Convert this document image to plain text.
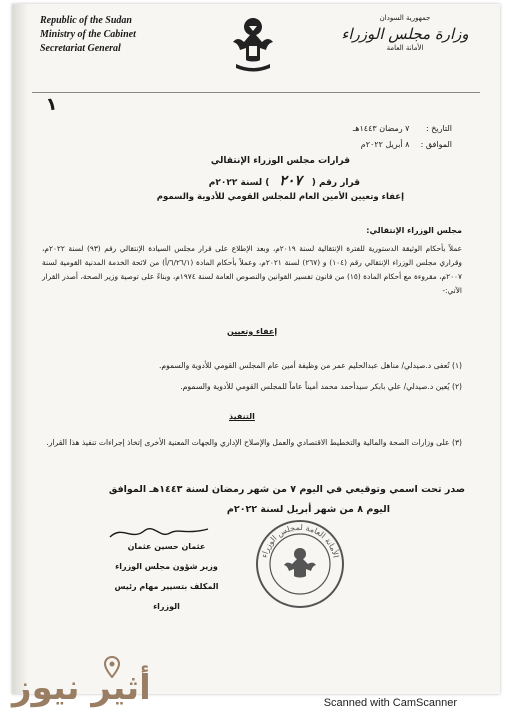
Republic of the Sudan
Ministry of the Cabinet
Secretariat General
جمهورية السودان
وزارة مجلس الوزراء
الأمانة العامة
١
التاريخ : ٧ رمضان ١٤٤٣هـ
الموافق : ٨ أبريل ٢٠٢٢م
قرارات مجلس الوزراء الإنتقالي
قرار رقم ( ٢٠٧ ) لسنة ٢٠٢٢م
إعفاء وتعيين الأمين العام للمجلس القومي للأدوية والسموم
مجلس الوزراء الإنتقالي:
عملاً بأحكام الوثيقة الدستورية للفترة الإنتقالية لسنة ٢٠١٩م، وبعد الإطلاع على قرار مجلس السيادة الإنتقالي رقم (٩٣) لسنة ٢٠٢٢م، وقراري مجلس الوزراء الإنتقالي رقم (١٠٤) و (٢٦٧) لسنة ٢٠٢١م، وعملاً بأحكام المادة (٦/٢٦/١/أ) من لائحة الخدمة المدنية القومية لسنة ٢٠٠٧م، مقروءة مع أحكام المادة (١٥) من قانون تفسير القوانين والنصوص العامة لسنة ١٩٧٤م، وبناءً على توصية وزير الصحة، أصدر القرار الآتي:-
إعفاء وتعيين
(١) تُعفى د.صيدلي/ مناهل عبدالحليم عمر من وظيفة أمين عام المجلس القومي للأدوية والسموم.
(٢) يُعين د.صيدلي/ علي بابكر سيدأحمد محمد أميناً عاماً للمجلس القومي للأدوية والسموم.
التنفيذ
(٣) على وزارات الصحة والمالية والتخطيط الاقتصادي والعمل والإصلاح الإداري والجهات المعنية الأخرى إتخاذ إجراءات تنفيذ هذا القرار.
صدر تحت اسمي وتوقيعي في اليوم ٧ من شهر رمضان لسنة ١٤٤٣هـ الموافق
اليوم ٨ من شهر أبريل لسنة ٢٠٢٢م
عثمان حسين عثمان
وزير شؤون مجلس الوزراء
المكلف بتسيير مهام رئيس الوزراء
الأمانة العامة لمجلس الوزراء
أثير نيوز	Scanned with CamScanner
